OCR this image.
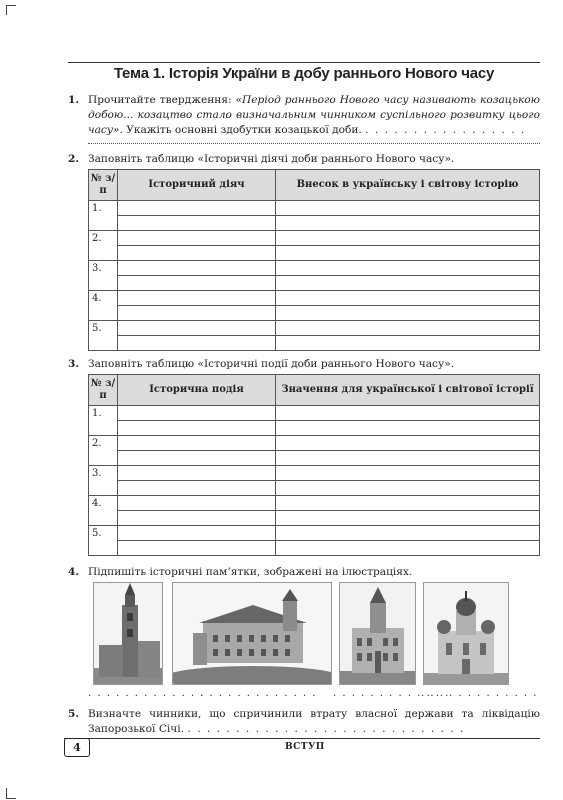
Тема 1. Історія України в добу раннього Нового часу
1. Прочитайте твердження: «Період раннього Нового часу називають козацькою добою... козацтво стало визначальним чинником суспільного розвитку цього часу». Укажіть основні здобутки козацької доби. . . . . . . . . . . . . . . . . .
2. Заповніть таблицю «Історичні діячі доби раннього Нового часу».
№ з/п	Історичний діяч	Внесок в українську і світову історію
1.		

2.		

3.		

4.		

5.		

3. Заповніть таблицю «Історичні події доби раннього Нового часу».
№ з/п	Історична подія	Значення для української і світової історії
1.		

2.		

3.		

4.		

5.		

4. Підпишіть історичні пам’ятки, зображені на ілюстраціях.
. . . . . . . . . . . . .
. . . . . . . . . . . . . . . . . . . . . . . . . .
. . . . . . . . . . . . .
5. Визначте чинники, що спричинили втрату власної держави та ліквідацію Запорозької Січі. . . . . . . . . . . . . . . . . . . . . . . . . . . . . .
4	ВСТУП
